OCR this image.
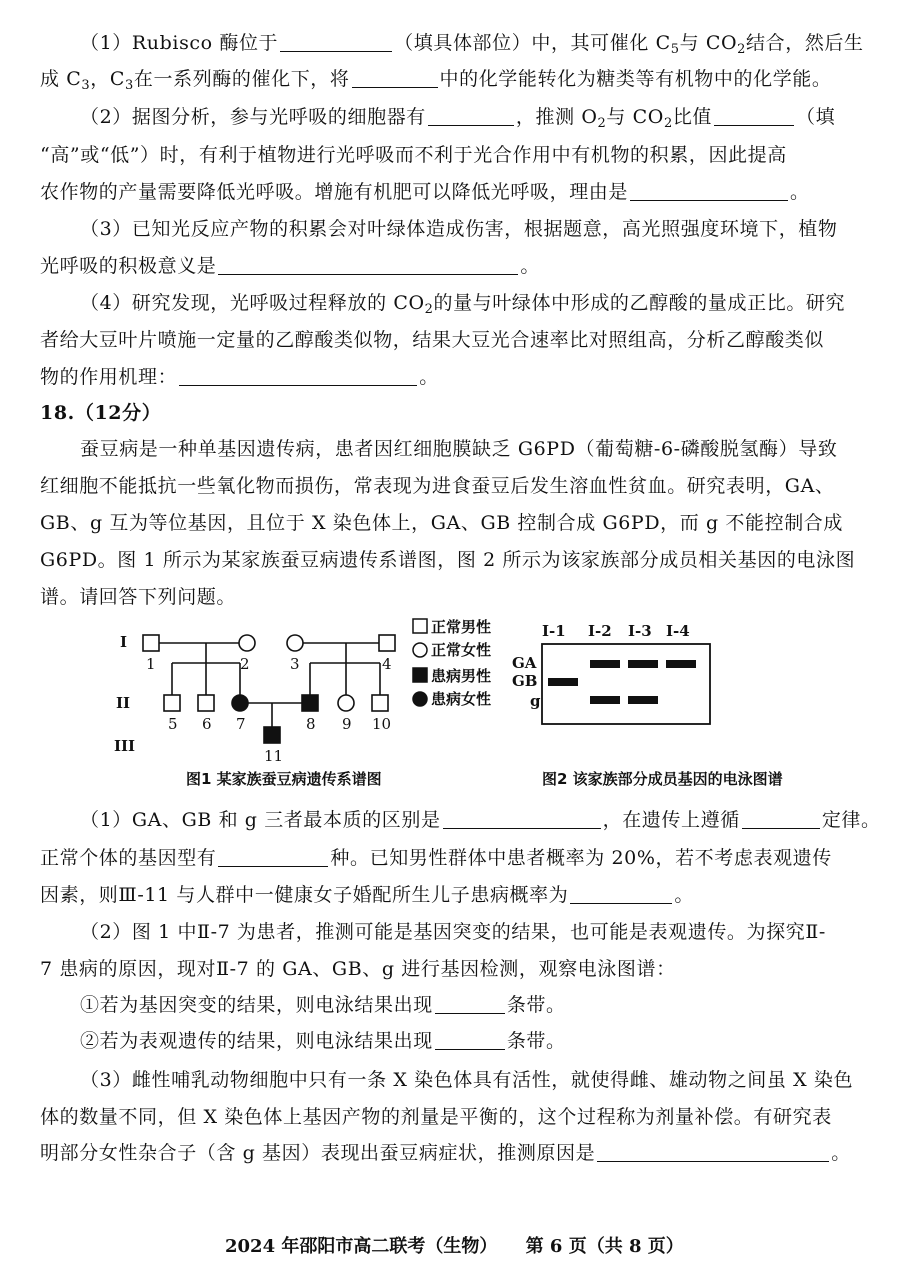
（1）Rubisco 酶位于	（填具体部位）中，其可催化 $C_5$与 $CO_2$结合，然后生
成 $C_3$，$C_3$在一系列酶的催化下，将	中的化学能转化为糖类等有机物中的化学能。
（2）据图分析，参与光呼吸的细胞器有	，推测 $O_2$与 $CO_2$比值	（填
“高”或“低”）时，有利于植物进行光呼吸而不利于光合作用中有机物的积累，因此提高
农作物的产量需要降低光呼吸。增施有机肥可以降低光呼吸，理由是	。
（3）已知光反应产物的积累会对叶绿体造成伤害，根据题意，高光照强度环境下，植物
光呼吸的积极意义是	。
（4）研究发现，光呼吸过程释放的 $CO_2$的量与叶绿体中形成的乙醇酸的量成正比。研究
者给大豆叶片喷施一定量的乙醇酸类似物，结果大豆光合速率比对照组高，分析乙醇酸类似
物的作用机理：	。
18.（12分）
蚕豆病是一种单基因遗传病，患者因红细胞膜缺乏 G6PD（葡萄糖-6-磷酸脱氢酶）导致
红细胞不能抵抗一些氧化物而损伤，常表现为进食蚕豆后发生溶血性贫血。研究表明，GA、
GB、g 互为等位基因，且位于 X 染色体上，GA、GB 控制合成 G6PD，而 g 不能控制合成
G6PD。图 1 所示为某家族蚕豆病遗传系谱图，图 2 所示为该家族部分成员相关基因的电泳图
谱。请回答下列问题。
I
II
III
1	2	3	4
5 6 7	8 9 10
11
正常男性
正常女性
患病男性
患病女性
I-1 I-2 I-3 I-4
GA
GB
g
图1 某家族蚕豆病遗传系谱图	图2 该家族部分成员基因的电泳图谱
（1）GA、GB 和 g 三者最本质的区别是	，在遗传上遵循	定律。
正常个体的基因型有	种。已知男性群体中患者概率为 20%，若不考虑表观遗传
因素，则Ⅲ-11 与人群中一健康女子婚配所生儿子患病概率为	。
（2）图 1 中Ⅱ-7 为患者，推测可能是基因突变的结果，也可能是表观遗传。为探究Ⅱ-
7 患病的原因，现对Ⅱ-7 的 GA、GB、g 进行基因检测，观察电泳图谱：
①若为基因突变的结果，则电泳结果出现	条带。
②若为表观遗传的结果，则电泳结果出现	条带。
（3）雌性哺乳动物细胞中只有一条 X 染色体具有活性，就使得雌、雄动物之间虽 X 染色
体的数量不同，但 X 染色体上基因产物的剂量是平衡的，这个过程称为剂量补偿。有研究表
明部分女性杂合子（含 g 基因）表现出蚕豆病症状，推测原因是	。
2024 年邵阳市高二联考（生物） 第 6 页（共 8 页）
